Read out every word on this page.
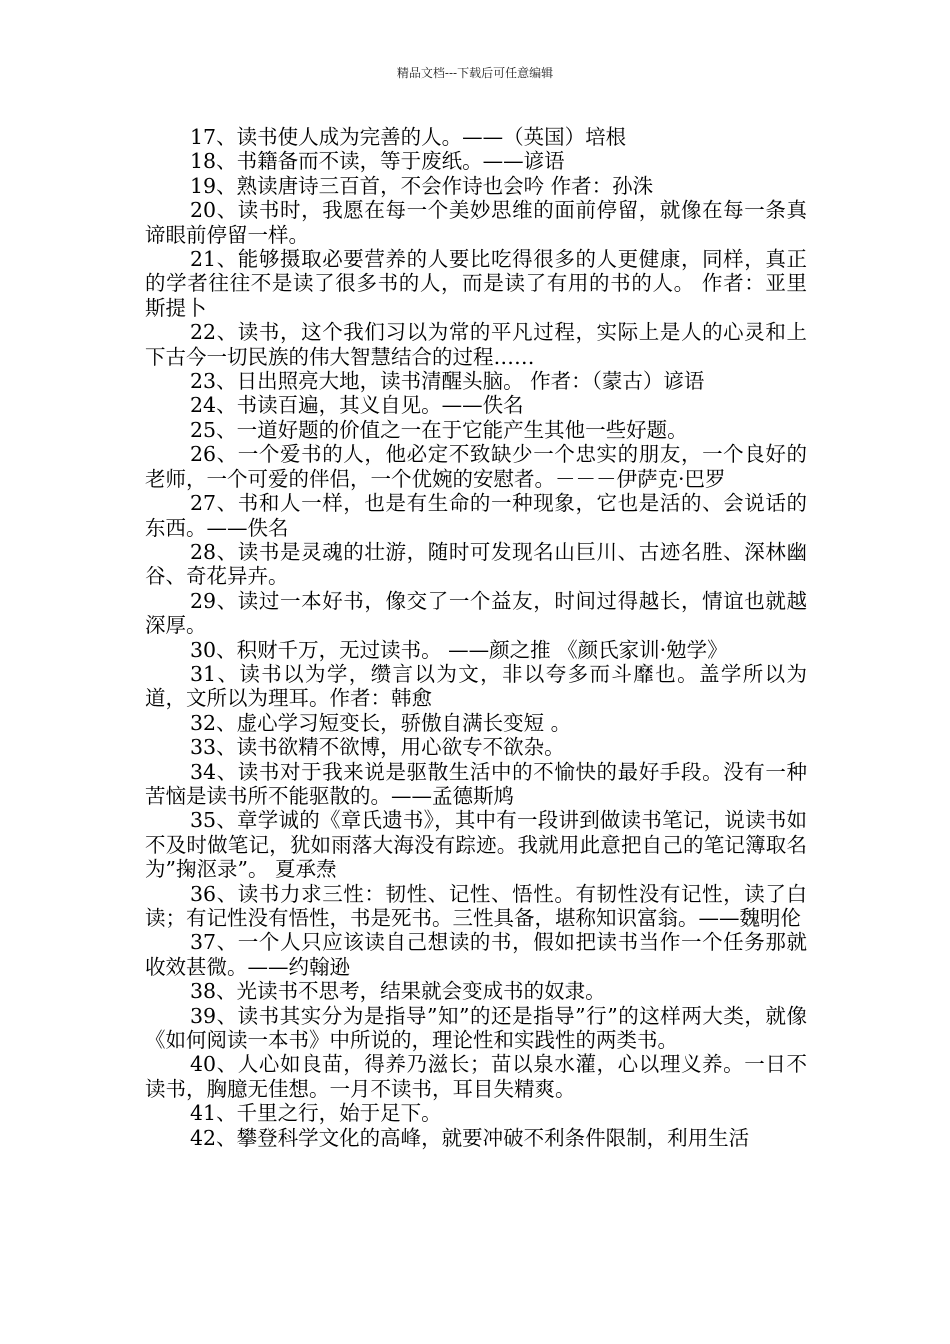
精品文档---下载后可任意编辑

17、读书使人成为完善的人。——（英国）培根

18、书籍备而不读，等于废纸。——谚语

19、熟读唐诗三百首，不会作诗也会吟 作者：孙洙

20、读书时，我愿在每一个美妙思维的面前停留，就像在每一条真谛眼前停留一样。

21、能够摄取必要营养的人要比吃得很多的人更健康，同样，真正的学者往往不是读了很多书的人，而是读了有用的书的人。 作者：亚里斯提卜

22、读书，这个我们习以为常的平凡过程，实际上是人的心灵和上下古今一切民族的伟大智慧结合的过程……

23、日出照亮大地，读书清醒头脑。 作者：（蒙古）谚语

24、书读百遍，其义自见。——佚名

25、一道好题的价值之一在于它能产生其他一些好题。

26、一个爱书的人，他必定不致缺少一个忠实的朋友，一个良好的老师，一个可爱的伴侣，一个优婉的安慰者。－－－伊萨克·巴罗

27、书和人一样，也是有生命的一种现象，它也是活的、会说话的东西。——佚名

28、读书是灵魂的壮游，随时可发现名山巨川、古迹名胜、深林幽谷、奇花异卉。

29、读过一本好书，像交了一个益友，时间过得越长，情谊也就越深厚。

30、积财千万，无过读书。 ——颜之推 《颜氏家训·勉学》

31、读书以为学，缵言以为文，非以夸多而斗靡也。盖学所以为道，文所以为理耳。作者：韩愈

32、虚心学习短变长，骄傲自满长变短 。

33、读书欲精不欲博，用心欲专不欲杂。

34、读书对于我来说是驱散生活中的不愉快的最好手段。没有一种苦恼是读书所不能驱散的。——孟德斯鸠

35、章学诚的《章氏遗书》，其中有一段讲到做读书笔记，说读书如不及时做笔记，犹如雨落大海没有踪迹。我就用此意把自己的笔记簿取名为”掬沤录”。 夏承焘

36、读书力求三性：韧性、记性、悟性。有韧性没有记性，读了白读；有记性没有悟性，书是死书。三性具备，堪称知识富翁。——魏明伦

37、一个人只应该读自己想读的书，假如把读书当作一个任务那就收效甚微。——约翰逊

38、光读书不思考，结果就会变成书的奴隶。

39、读书其实分为是指导”知”的还是指导”行”的这样两大类，就像《如何阅读一本书》中所说的，理论性和实践性的两类书。

40、人心如良苗，得养乃滋长；苗以泉水灌，心以理义养。一日不读书，胸臆无佳想。一月不读书，耳目失精爽。

41、千里之行，始于足下。

42、攀登科学文化的高峰，就要冲破不利条件限制，利用生活
